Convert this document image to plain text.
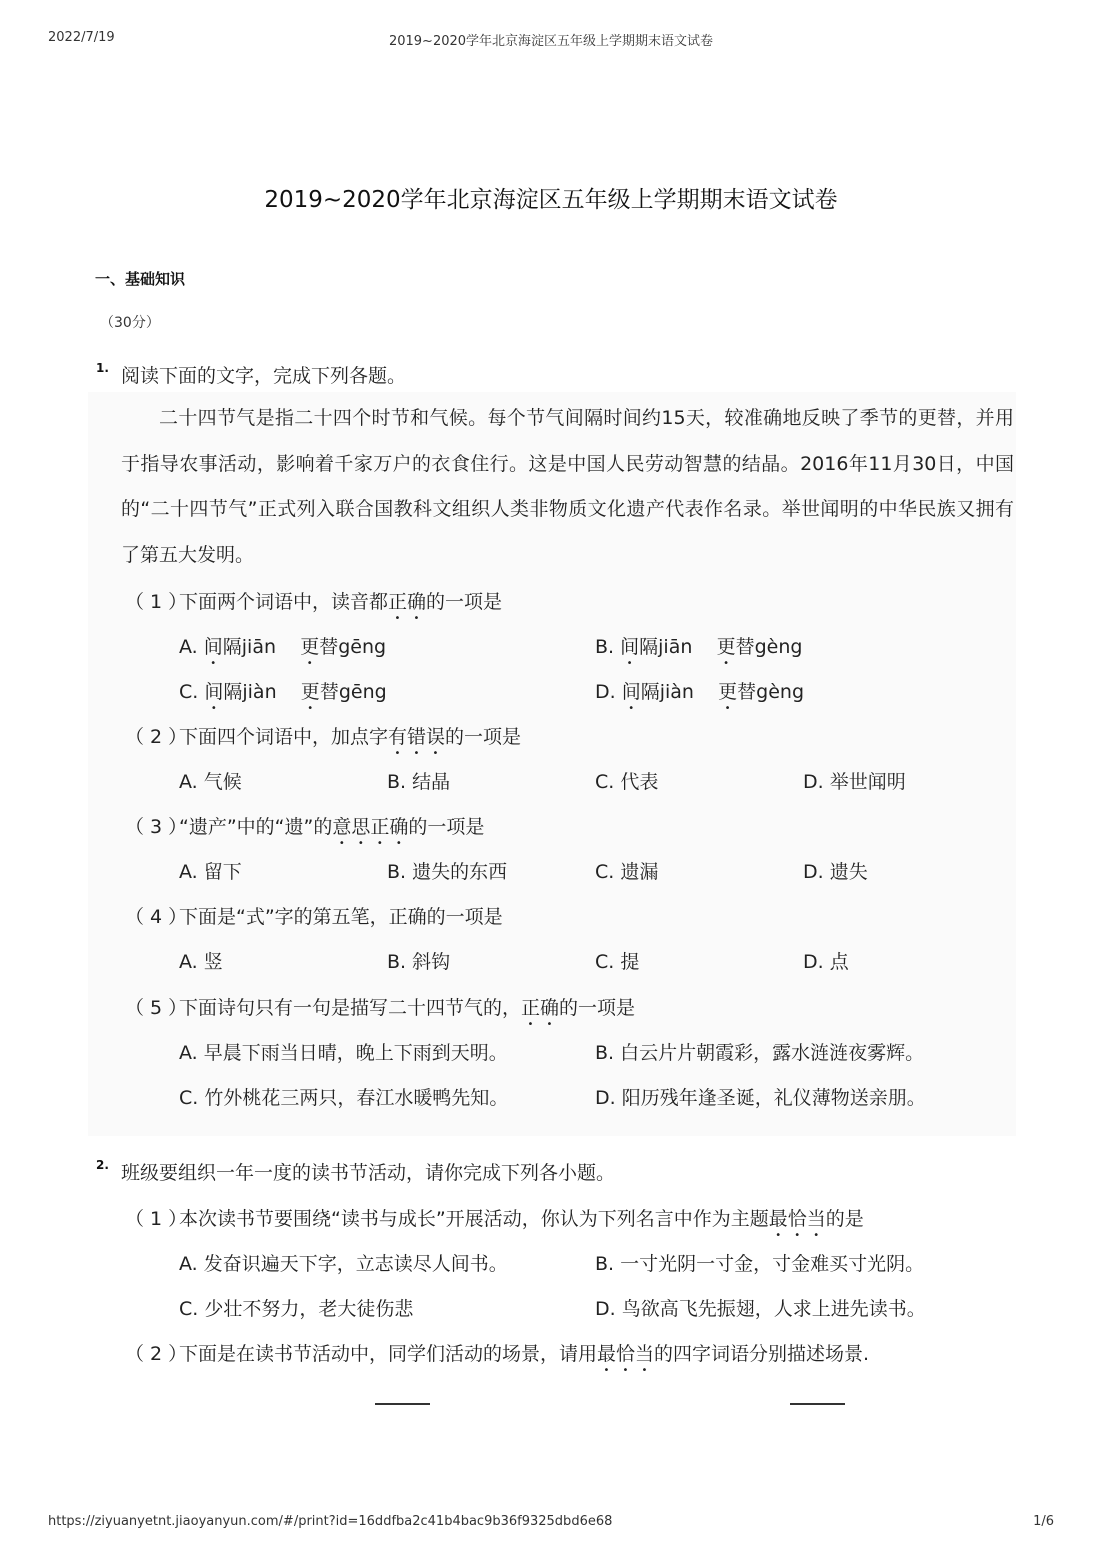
2022/7/19	2019~2020学年北京海淀区五年级上学期期末语文试卷
2019~2020学年北京海淀区五年级上学期期末语文试卷
一、基础知识
（30分）
1. 阅读下面的文字，完成下列各题。
二十四节气是指二十四个时节和气候。每个节气间隔时间约15天，较准确地反映了季节的更替，并用于指导农事活动，影响着千家万户的衣食住行。这是中国人民劳动智慧的结晶。2016年11月30日，中国的“二十四节气”正式列入联合国教科文组织人类非物质文化遗产代表作名录。举世闻明的中华民族又拥有了第五大发明。
（ 1 ）下面两个词语中，读音都正确的一项是
A. 间隔jiān 更替gēng	B. 间隔jiān 更替gèng
C. 间隔jiàn 更替gēng	D. 间隔jiàn 更替gèng
（ 2 ）下面四个词语中，加点字有错误的一项是
A. 气候	B. 结晶	C. 代表	D. 举世闻明
（ 3 ）“遗产”中的“遗”的意思正确的一项是
A. 留下	B. 遗失的东西	C. 遗漏	D. 遗失
（ 4 ）下面是“式”字的第五笔，正确的一项是
A. 竖	B. 斜钩	C. 提	D. 点
（ 5 ）下面诗句只有一句是描写二十四节气的，正确的一项是
A. 早晨下雨当日晴，晚上下雨到天明。	B. 白云片片朝霞彩，露水涟涟夜雾辉。
C. 竹外桃花三两只，春江水暖鸭先知。	D. 阳历残年逢圣诞，礼仪薄物送亲朋。
2. 班级要组织一年一度的读书节活动，请你完成下列各小题。
（ 1 ）本次读书节要围绕“读书与成长”开展活动，你认为下列名言中作为主题最恰当的是
A. 发奋识遍天下字，立志读尽人间书。	B. 一寸光阴一寸金，寸金难买寸光阴。
C. 少壮不努力，老大徒伤悲	D. 鸟欲高飞先振翅，人求上进先读书。
（ 2 ）下面是在读书节活动中，同学们活动的场景，请用最恰当的四字词语分别描述场景.
https://ziyuanyetnt.jiaoyanyun.com/#/print?id=16ddfba2c41b4bac9b36f9325dbd6e68	1/6
